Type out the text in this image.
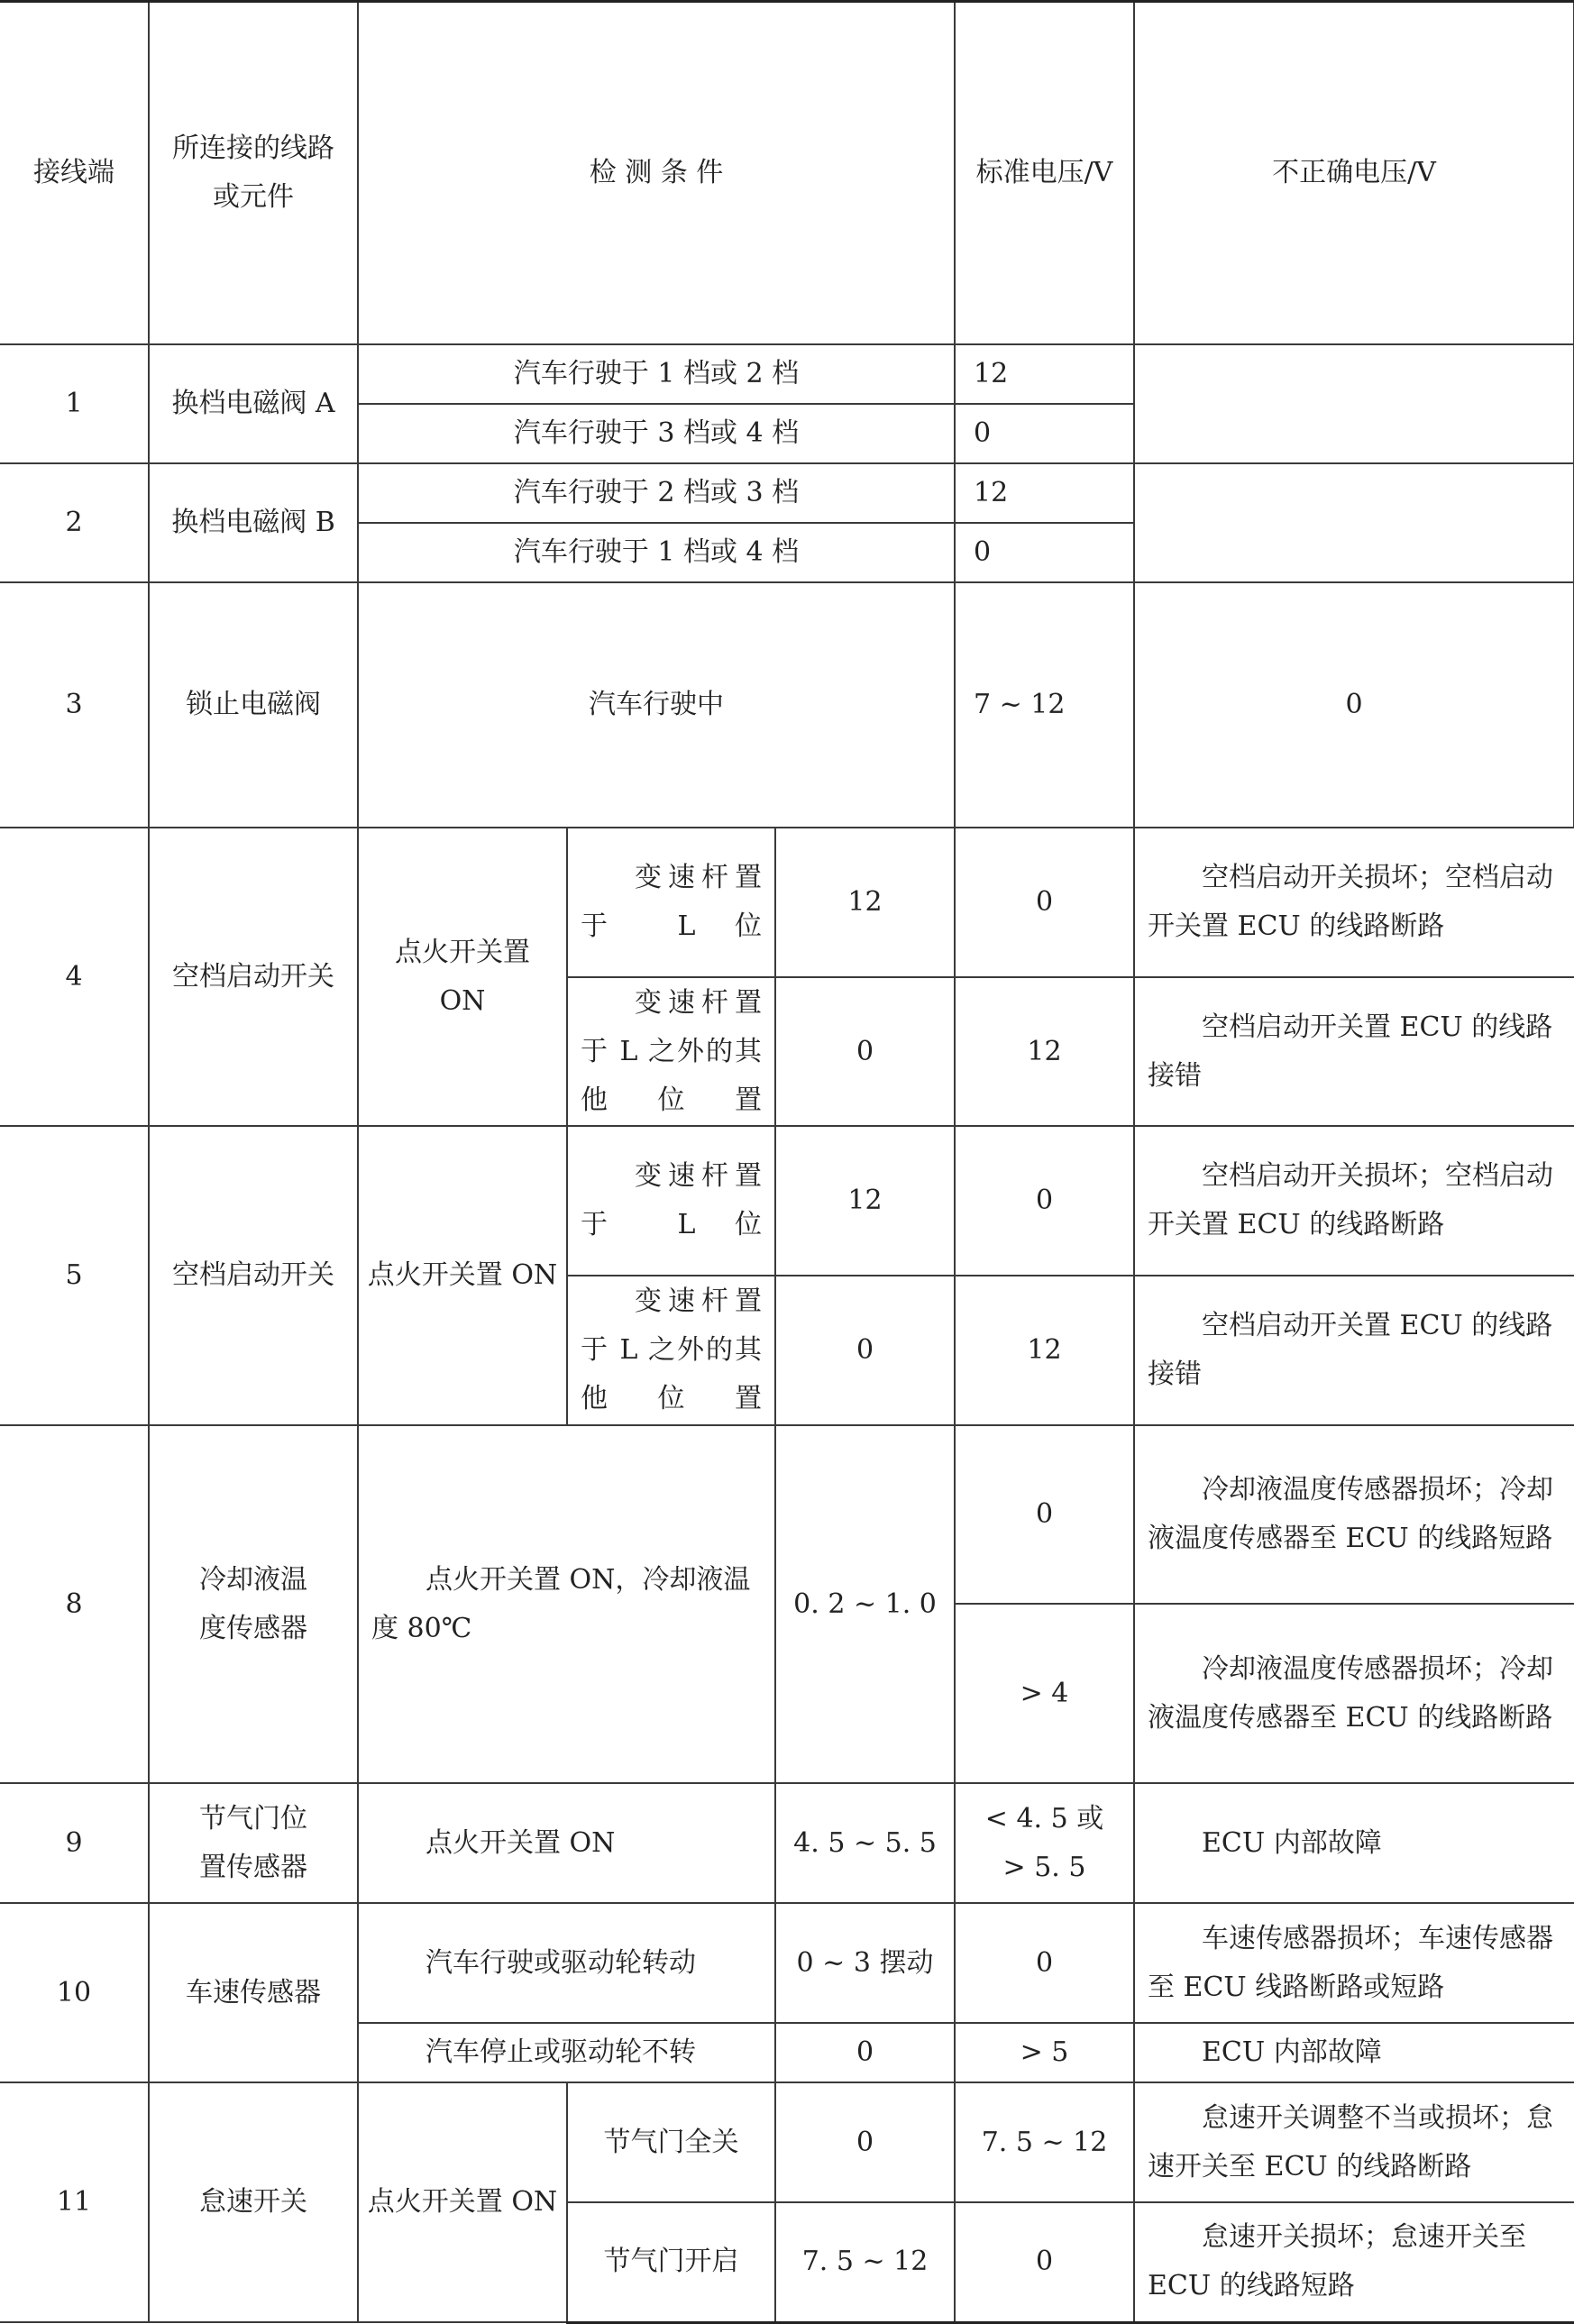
接线端	所连接的线路或元件	检 测 条 件			标准电压/V	不正确电压/V	
1	换档电磁阀 A	汽车行驶于 1 档或 2 档			12		
		汽车行驶于 3 档或 4 档			0		
2	换档电磁阀 B	汽车行驶于 2 档或 3 档			12		
		汽车行驶于 1 档或 4 档			0		
3	锁止电磁阀	汽车行驶中			7 ~ 12	0	
4	空档启动开关	点火开关置 ON	变速杆置于 L 位	12	0	空档启动开关损坏；空档启动开关置 ECU 的线路断路	
			变速杆置于 L 之外的其他位置	0	12	空档启动开关置 ECU 的线路接错	
5	空档启动开关	点火开关置 ON	变速杆置于 L 位	12	0	空档启动开关损坏；空档启动开关置 ECU 的线路断路	
			变速杆置于 L 之外的其他位置	0	12	空档启动开关置 ECU 的线路接错	
8	冷却液温度传感器	点火开关置 ON，冷却液温度 80℃		0. 2 ~ 1. 0	0	冷却液温度传感器损坏；冷却液温度传感器至 ECU 的线路短路	
					> 4	冷却液温度传感器损坏；冷却液温度传感器至 ECU 的线路断路	
9	节气门位置传感器	点火开关置 ON		4. 5 ~ 5. 5	< 4. 5 或 > 5. 5	ECU 内部故障	
10	车速传感器	汽车行驶或驱动轮转动		0 ~ 3 摆动	0	车速传感器损坏；车速传感器至 ECU 线路断路或短路	
		汽车停止或驱动轮不转		0	> 5	ECU 内部故障	
11	怠速开关	点火开关置 ON	节气门全关	0	7. 5 ~ 12	怠速开关调整不当或损坏；怠速开关至 ECU 的线路断路	
			节气门开启	7. 5 ~ 12	0	怠速开关损坏；怠速开关至 ECU 的线路短路	
